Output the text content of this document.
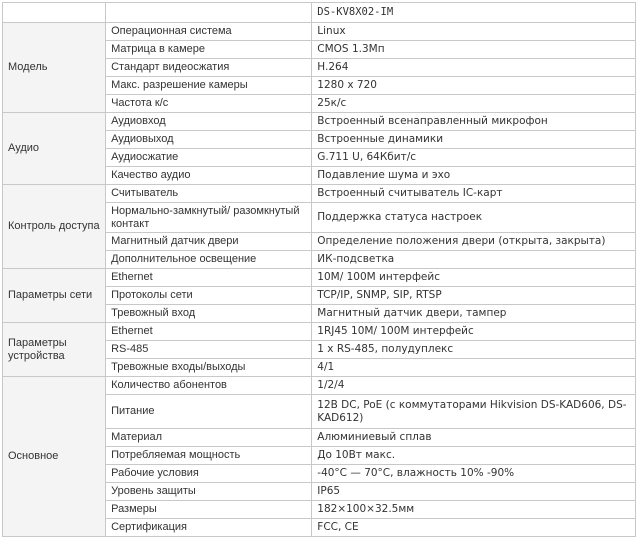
		DS-KV8X02-IM
Модель	Операционная система	Linux
	Матрица в камере	CMOS 1.3Мп
	Стандарт видеосжатия	H.264
	Макс. разрешение камеры	1280 x 720
	Частота к/с	25к/с
Аудио	Аудиовход	Встроенный всенаправленный микрофон
	Аудиовыход	Встроенные динамики
	Аудиосжатие	G.711 U, 64Кбит/с
	Качество аудио	Подавление шума и эхо
Контроль доступа	Считыватель	Встроенный считыватель IC-карт
	Нормально-замкнутый/ разомкнутый контакт	Поддержка статуса настроек
	Магнитный датчик двери	Определение положения двери (открыта, закрыта)
	Дополнительное освещение	ИК-подсветка
Параметры сети	Ethernet	10M/ 100M интерфейс
	Протоколы сети	TCP/IP, SNMP, SIP, RTSP
	Тревожный вход	Магнитный датчик двери, тампер
Параметры устройства	Ethernet	1RJ45 10M/ 100M интерфейс
	RS-485	1 x RS-485, полудуплекс
	Тревожные входы/выходы	4/1
Основное	Количество абонентов	1/2/4
	Питание	12В DC, PoE (с коммутаторами Hikvision DS-KAD606, DS-KAD612)
	Материал	Алюминиевый сплав
	Потребляемая мощность	До 10Вт макс.
	Рабочие условия	-40°C — 70°C, влажность 10% -90%
	Уровень защиты	IP65
	Размеры	182×100×32.5мм
	Сертификация	FCC, CE
